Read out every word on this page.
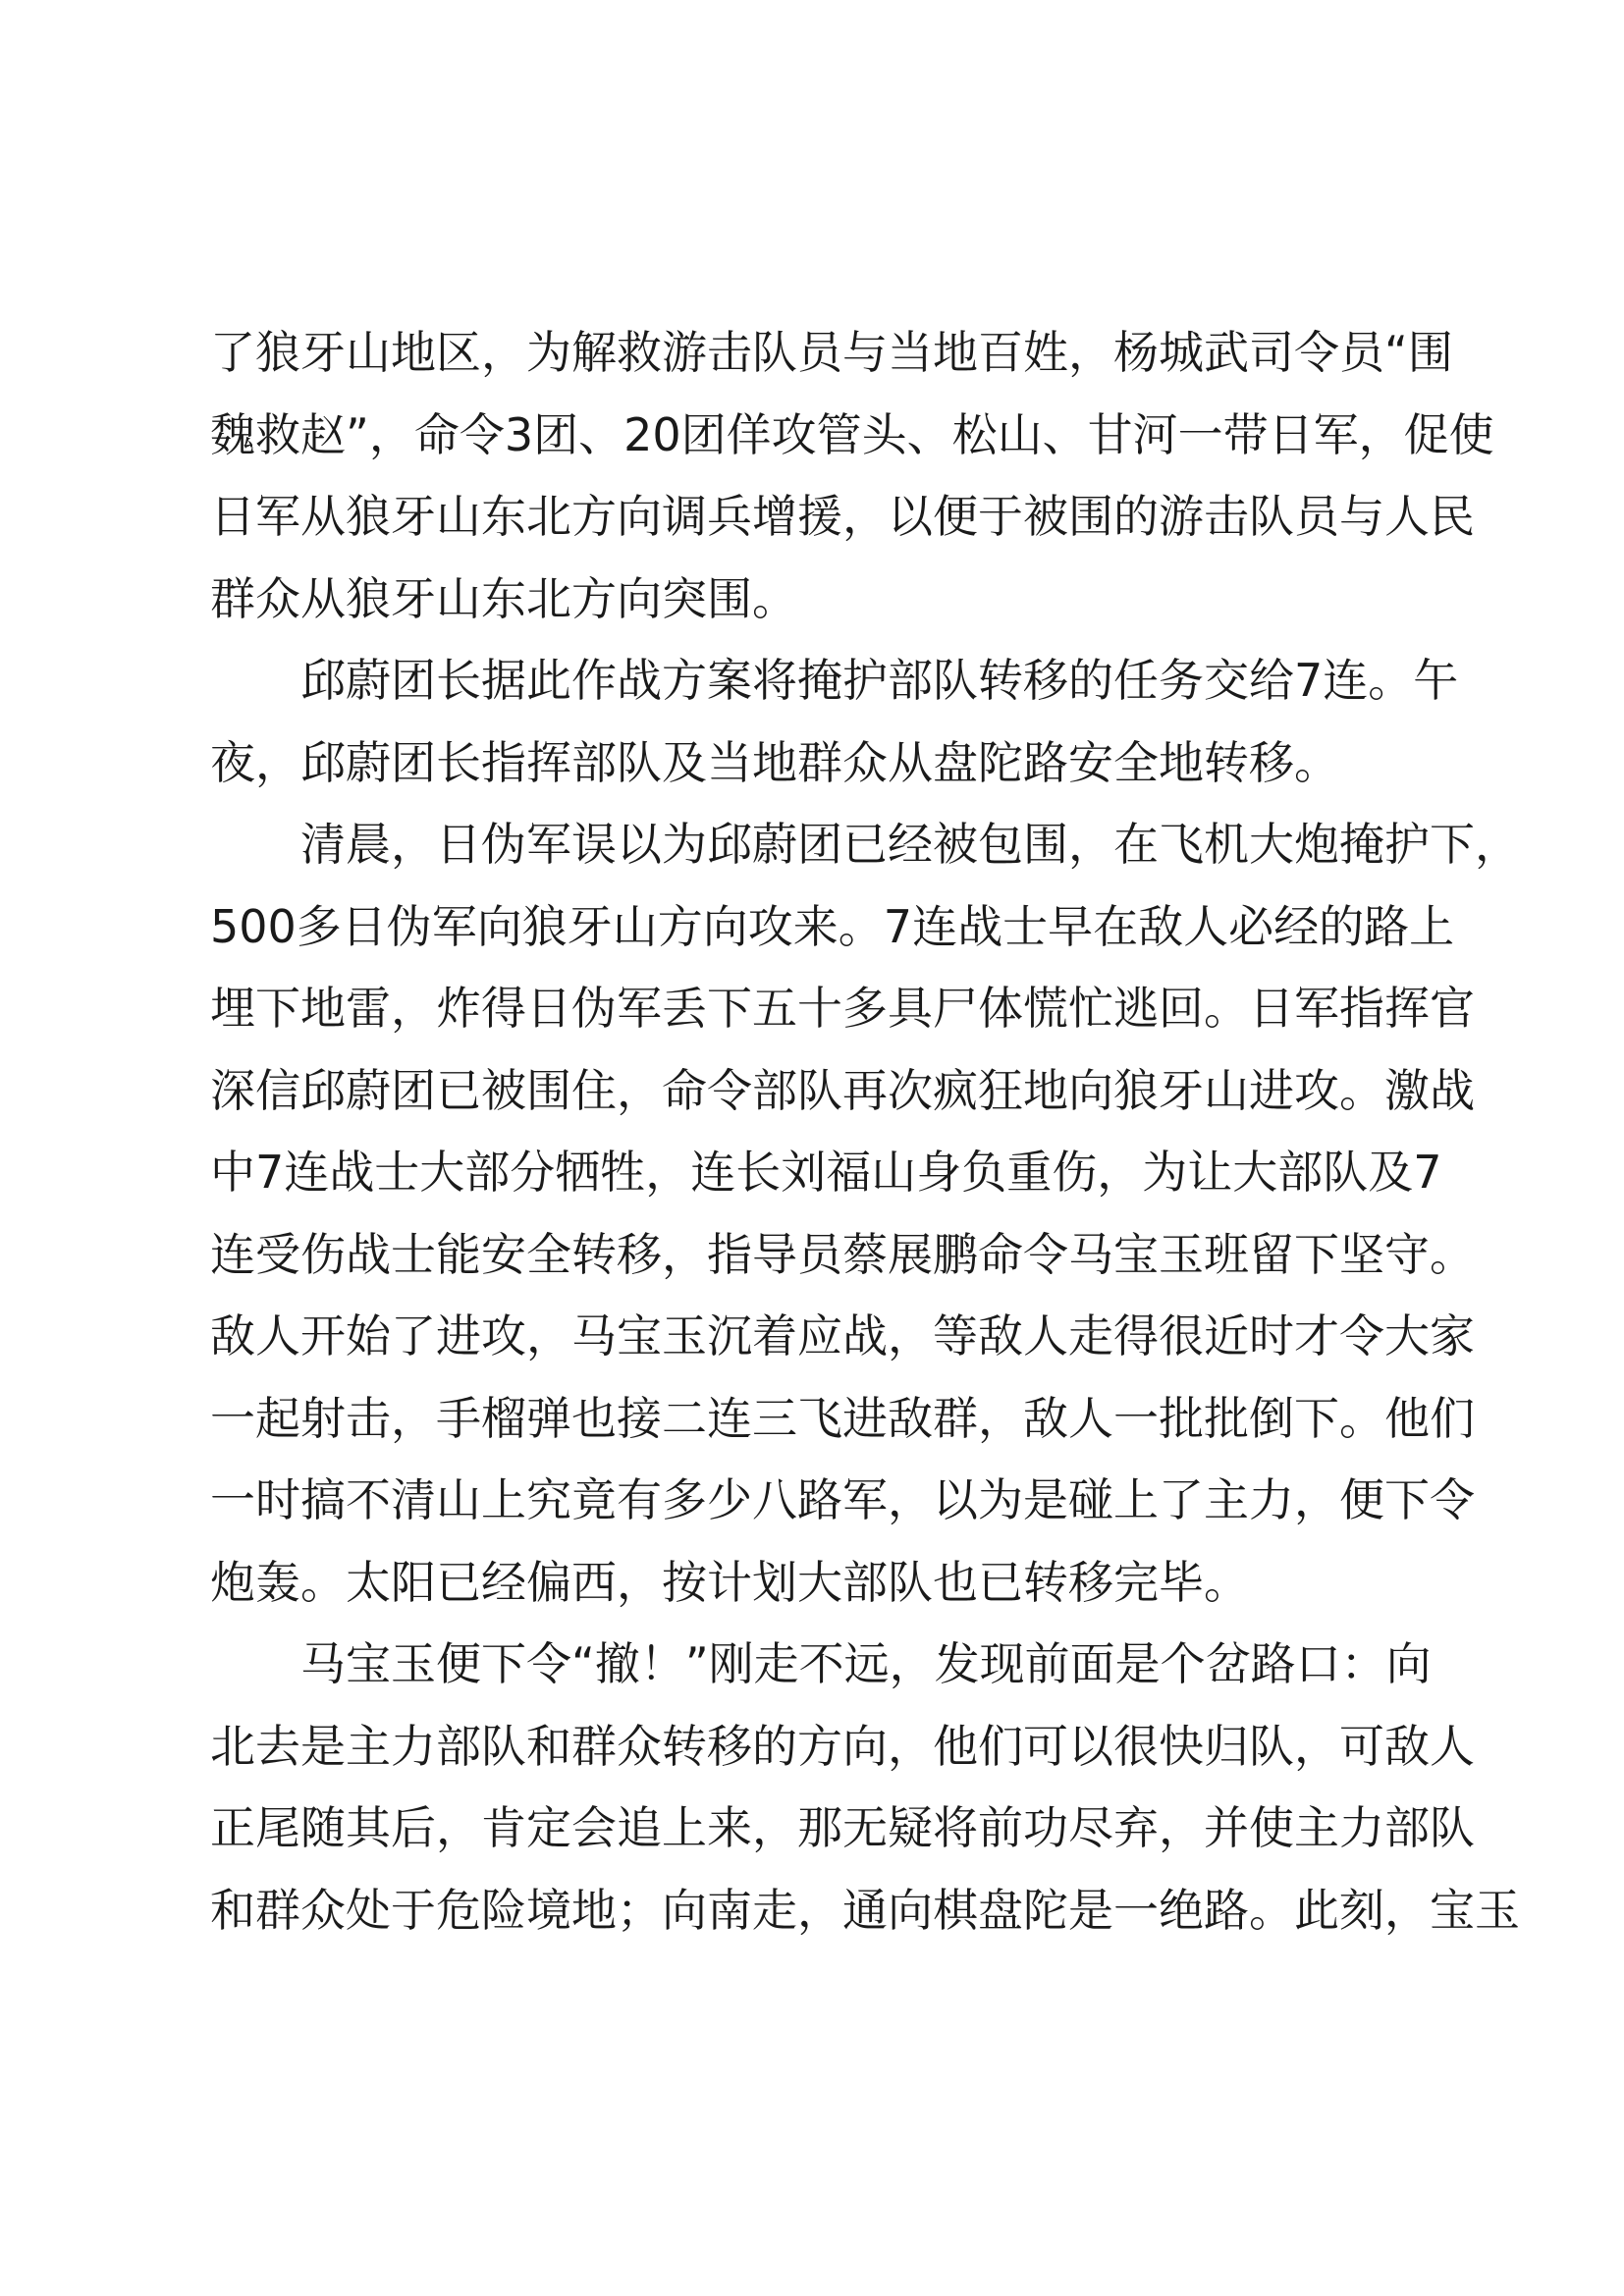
了狼牙山地区，为解救游击队员与当地百姓，杨城武司令员“围
魏救赵”，命令3团、20团佯攻管头、松山、甘河一带日军，促使
日军从狼牙山东北方向调兵增援，以便于被围的游击队员与人民
群众从狼牙山东北方向突围。
邱蔚团长据此作战方案将掩护部队转移的任务交给7连。午
夜，邱蔚团长指挥部队及当地群众从盘陀路安全地转移。
清晨，日伪军误以为邱蔚团已经被包围，在飞机大炮掩护下，
500多日伪军向狼牙山方向攻来。7连战士早在敌人必经的路上
埋下地雷，炸得日伪军丢下五十多具尸体慌忙逃回。日军指挥官
深信邱蔚团已被围住，命令部队再次疯狂地向狼牙山进攻。激战
中7连战士大部分牺牲，连长刘福山身负重伤，为让大部队及7
连受伤战士能安全转移，指导员蔡展鹏命令马宝玉班留下坚守。
敌人开始了进攻，马宝玉沉着应战，等敌人走得很近时才令大家
一起射击，手榴弹也接二连三飞进敌群，敌人一批批倒下。他们
一时搞不清山上究竟有多少八路军，以为是碰上了主力，便下令
炮轰。太阳已经偏西，按计划大部队也已转移完毕。
马宝玉便下令“撤！”刚走不远，发现前面是个岔路口：向
北去是主力部队和群众转移的方向，他们可以很快归队，可敌人
正尾随其后，肯定会追上来，那无疑将前功尽弃，并使主力部队
和群众处于危险境地；向南走，通向棋盘陀是一绝路。此刻，宝玉
